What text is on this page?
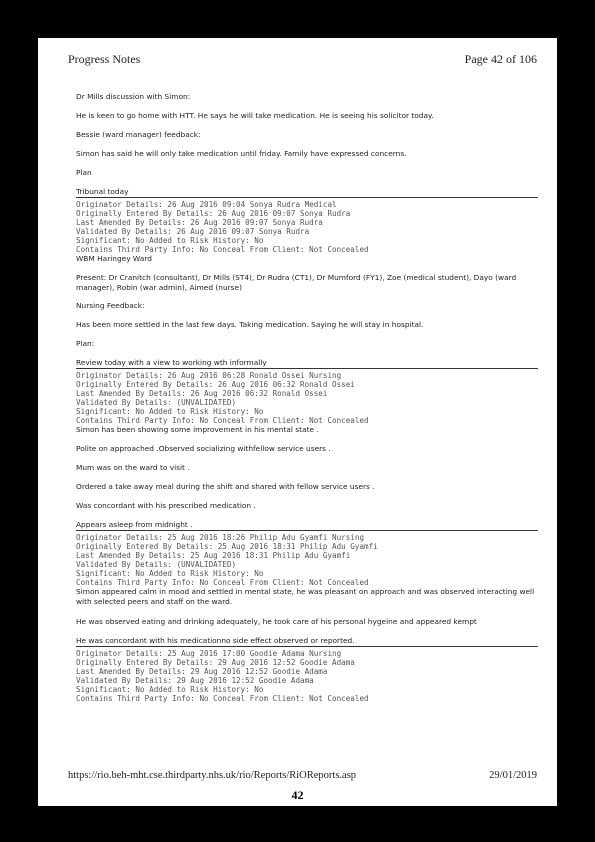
Progress Notes	Page 42 of 106

Dr Mills discussion with Simon:

He is keen to go home with HTT. He says he will take medication. He is seeing his solicitor today.

Bessie (ward manager) feedback:

Simon has said he will only take medication until friday. Family have expressed concerns.

Plan

Tribunal today

Originator Details: 26 Aug 2016 09:04 Sonya Rudra Medical

Originally Entered By Details: 26 Aug 2016 09:07 Sonya Rudra

Last Amended By Details: 26 Aug 2016 09:07 Sonya Rudra

Validated By Details: 26 Aug 2016 09:07 Sonya Rudra

Significant: No Added to Risk History: No

Contains Third Party Info: No Conceal From Client: Not Concealed

WBM Haringey Ward

Present: Dr Cranitch (consultant), Dr Mills (ST4), Dr Rudra (CT1), Dr Mumford (FY1), Zoe (medical student), Dayo (ward manager), Robin (war admin), Aimed (nurse)

Nursing Feedback:

Has been more settled in the last few days. Taking medication. Saying he will stay in hospital.

Plan:

Review today with a view to working wth informally

Originator Details: 26 Aug 2016 06:28 Ronald Ossei Nursing

Originally Entered By Details: 26 Aug 2016 06:32 Ronald Ossei

Last Amended By Details: 26 Aug 2016 06:32 Ronald Ossei

Validated By Details: (UNVALIDATED)

Significant: No Added to Risk History: No

Contains Third Party Info: No Conceal From Client: Not Concealed

Simon has been showing some improvement in his mental state .

Polite on approached .Observed socializing withfellow service users .

Mum was on the ward to visit .

Ordered a take away meal during the shift and shared with fellow service users .

Was concordant with his prescribed medication .

Appears asleep from midnight .

Originator Details: 25 Aug 2016 18:26 Philip Adu Gyamfi Nursing

Originally Entered By Details: 25 Aug 2016 18:31 Philip Adu Gyamfi

Last Amended By Details: 25 Aug 2016 18:31 Philip Adu Gyamfi

Validated By Details: (UNVALIDATED)

Significant: No Added to Risk History: No

Contains Third Party Info: No Conceal From Client: Not Concealed

Simon appeared calm in mood and settled in mental state, he was pleasant on approach and was observed interacting well with selected peers and staff on the ward.

He was observed eating and drinking adequately, he took care of his personal hygeine and appeared kempt

He was concordant with his medicationno side effect observed or reported.

Originator Details: 25 Aug 2016 17:00 Goodie Adama Nursing

Originally Entered By Details: 29 Aug 2016 12:52 Goodie Adama

Last Amended By Details: 29 Aug 2016 12:52 Goodie Adama

Validated By Details: 29 Aug 2016 12:52 Goodie Adama

Significant: No Added to Risk History: No

Contains Third Party Info: No Conceal From Client: Not Concealed

https://rio.beh-mht.cse.thirdparty.nhs.uk/rio/Reports/RiOReports.asp	29/01/2019
42
